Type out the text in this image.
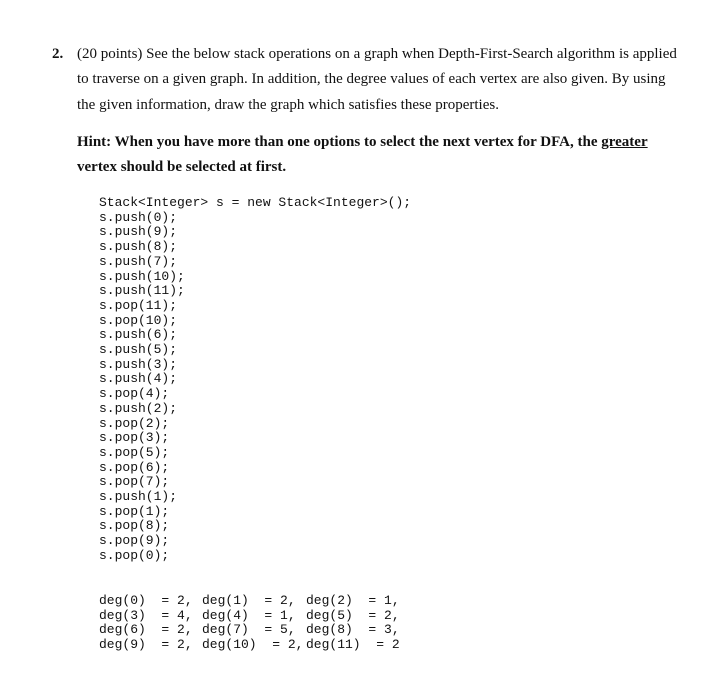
2. (20 points) See the below stack operations on a graph when Depth-First-Search algorithm is applied
to traverse on a given graph. In addition, the degree values of each vertex are also given. By using
the given information, draw the graph which satisfies these properties.
Hint: When you have more than one options to select the next vertex for DFA, the greater
vertex should be selected at first.
Stack<Integer> s = new Stack<Integer>();
s.push(0);
s.push(9);
s.push(8);
s.push(7);
s.push(10);
s.push(11);
s.pop(11);
s.pop(10);
s.push(6);
s.push(5);
s.push(3);
s.push(4);
s.pop(4);
s.push(2);
s.pop(2);
s.pop(3);
s.pop(5);
s.pop(6);
s.pop(7);
s.push(1);
s.pop(1);
s.pop(8);
s.pop(9);
s.pop(0);
deg(0)  = 2, deg(1)  = 2, deg(2)  = 1,
deg(3)  = 4, deg(4)  = 1, deg(5)  = 2,
deg(6)  = 2, deg(7)  = 5, deg(8)  = 3,
deg(9)  = 2, deg(10)  = 2, deg(11)  = 2
